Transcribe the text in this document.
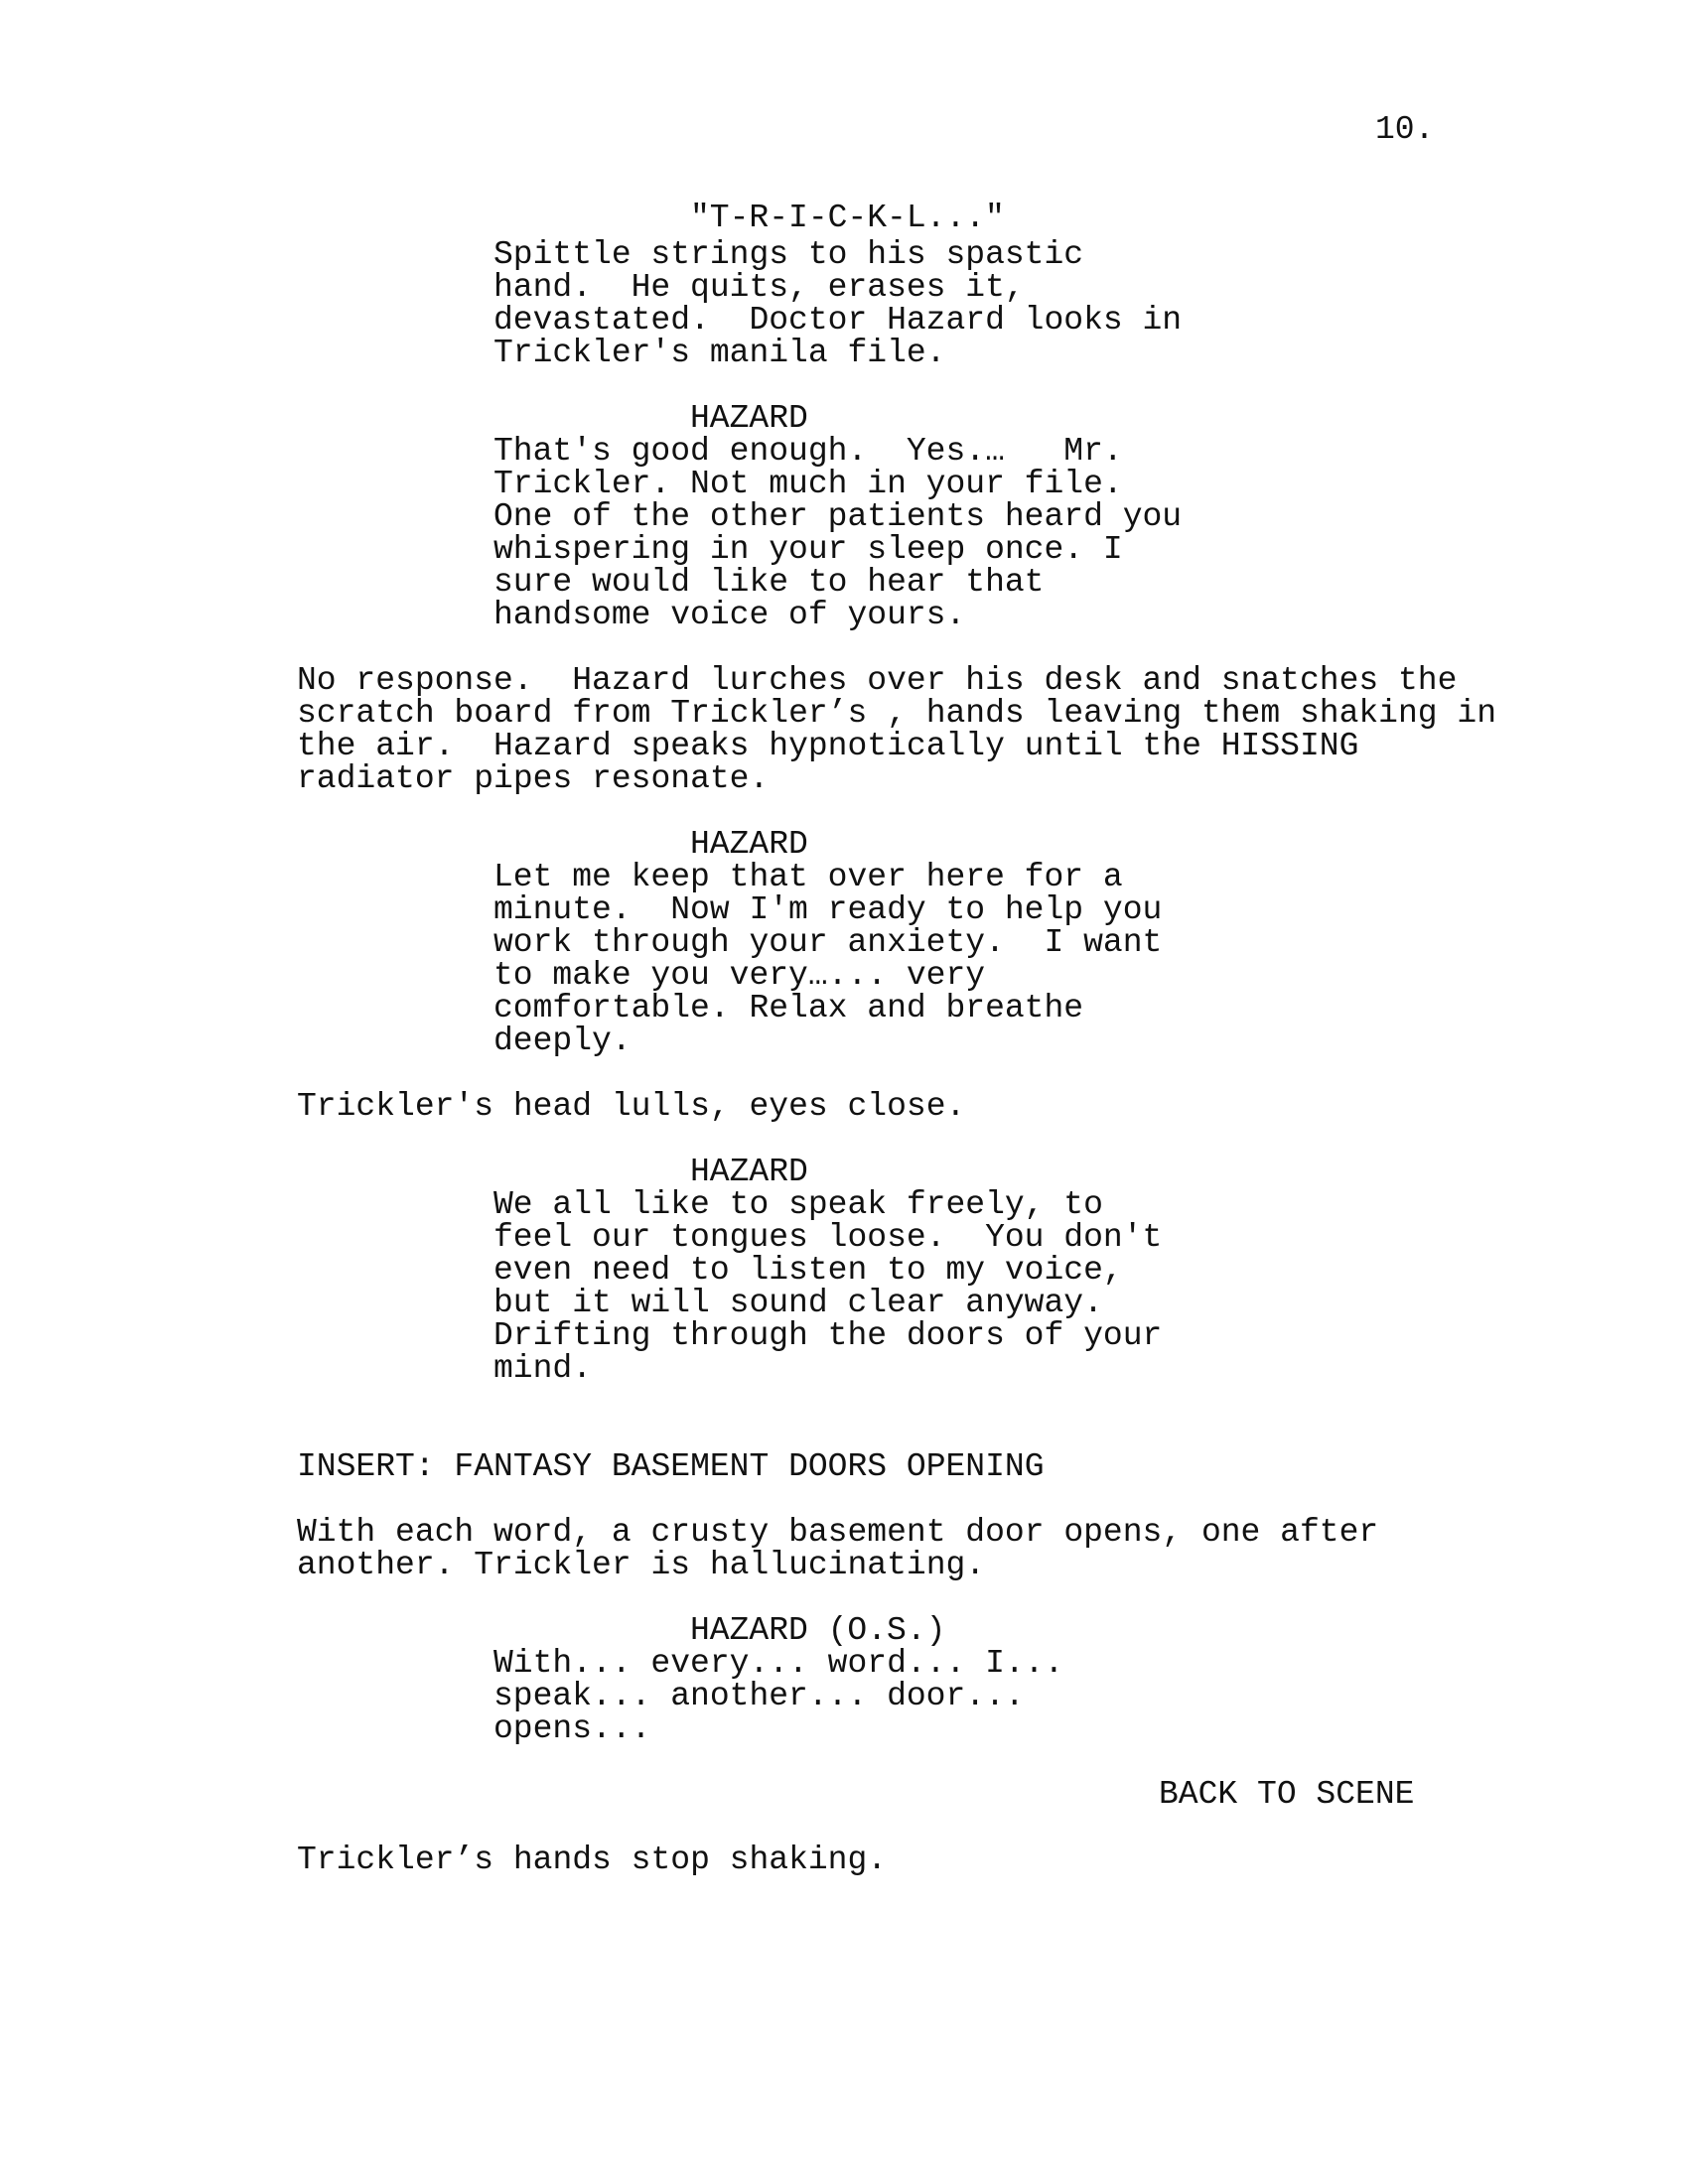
10.
"T-R-I-C-K-L..."
Spittle strings to his spastic
hand.  He quits, erases it,
devastated.  Doctor Hazard looks in
Trickler's manila file.
HAZARD
That's good enough.  Yes.…   Mr.
Trickler. Not much in your file.
One of the other patients heard you
whispering in your sleep once. I
sure would like to hear that
handsome voice of yours.
No response.  Hazard lurches over his desk and snatches the
scratch board from Trickler’s , hands leaving them shaking in
the air.  Hazard speaks hypnotically until the HISSING
radiator pipes resonate.
HAZARD
Let me keep that over here for a
minute.  Now I'm ready to help you
work through your anxiety.  I want
to make you very…... very
comfortable. Relax and breathe
deeply.
Trickler's head lulls, eyes close.
HAZARD
We all like to speak freely, to
feel our tongues loose.  You don't
even need to listen to my voice,
but it will sound clear anyway.
Drifting through the doors of your
mind.
INSERT: FANTASY BASEMENT DOORS OPENING
With each word, a crusty basement door opens, one after
another. Trickler is hallucinating.
HAZARD (O.S.)
With... every... word... I...
speak... another... door...
opens...
BACK TO SCENE
Trickler’s hands stop shaking.
